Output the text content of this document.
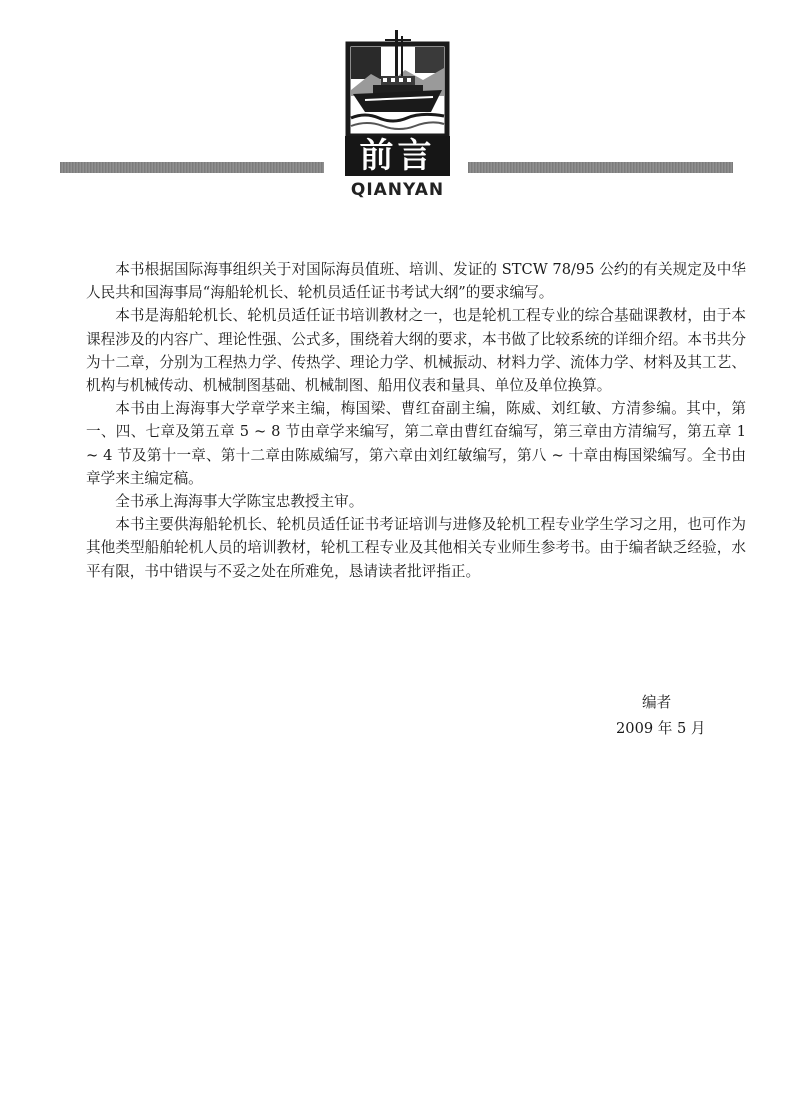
前言
QIANYAN

本书根据国际海事组织关于对国际海员值班、培训、发证的 STCW 78/95 公约的有关规定及中华人民共和国海事局“海船轮机长、轮机员适任证书考试大纲”的要求编写。

本书是海船轮机长、轮机员适任证书培训教材之一，也是轮机工程专业的综合基础课教材，由于本课程涉及的内容广、理论性强、公式多，围绕着大纲的要求，本书做了比较系统的详细介绍。本书共分为十二章，分别为工程热力学、传热学、理论力学、机械振动、材料力学、流体力学、材料及其工艺、机构与机械传动、机械制图基础、机械制图、船用仪表和量具、单位及单位换算。

本书由上海海事大学章学来主编，梅国梁、曹红奋副主编，陈威、刘红敏、方清参编。其中，第一、四、七章及第五章 5 ~ 8 节由章学来编写，第二章由曹红奋编写，第三章由方清编写，第五章 1 ~ 4 节及第十一章、第十二章由陈威编写，第六章由刘红敏编写，第八 ~ 十章由梅国梁编写。全书由章学来主编定稿。

全书承上海海事大学陈宝忠教授主审。

本书主要供海船轮机长、轮机员适任证书考证培训与进修及轮机工程专业学生学习之用，也可作为其他类型船舶轮机人员的培训教材，轮机工程专业及其他相关专业师生参考书。由于编者缺乏经验，水平有限，书中错误与不妥之处在所难免，恳请读者批评指正。

编者
2009 年 5 月
